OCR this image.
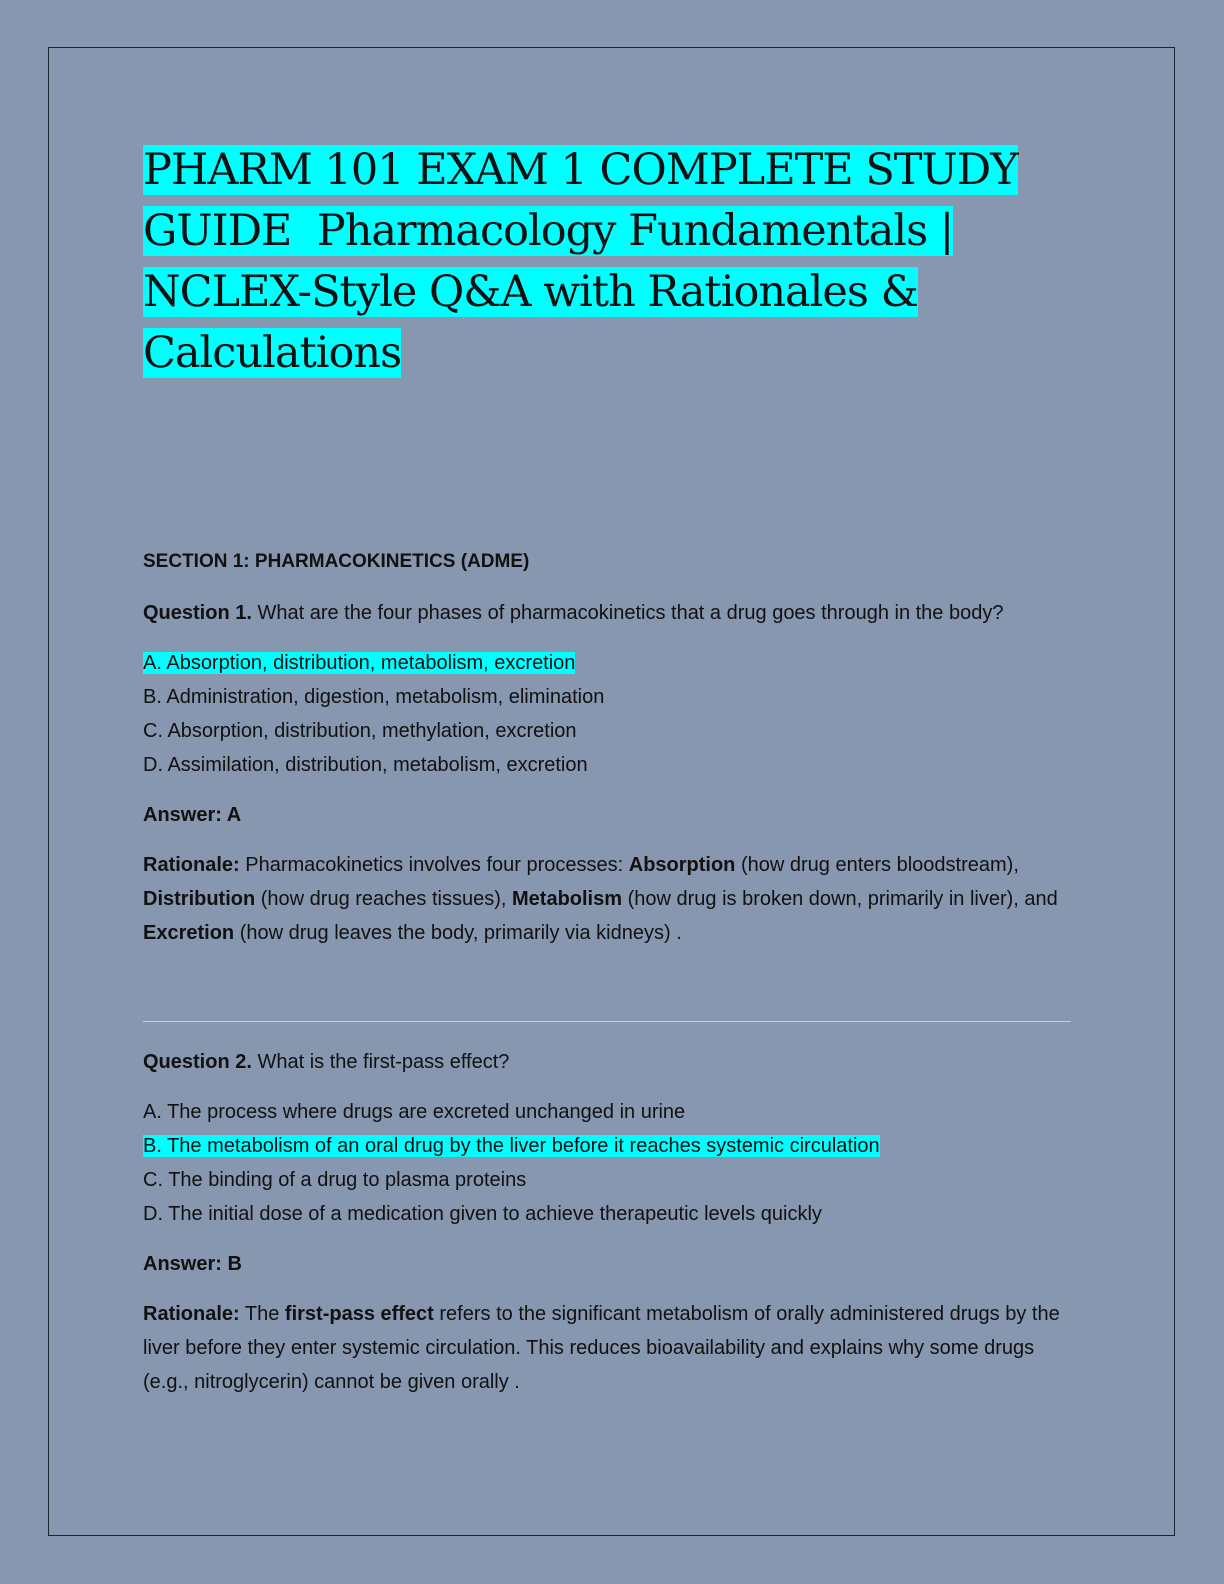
PHARM 101 EXAM 1 COMPLETE STUDY
GUIDE  Pharmacology Fundamentals |
NCLEX-Style Q&A with Rationales &
Calculations

SECTION 1: PHARMACOKINETICS (ADME)

Question 1. What are the four phases of pharmacokinetics that a drug goes through in the body?

A. Absorption, distribution, metabolism, excretion
B. Administration, digestion, metabolism, elimination
C. Absorption, distribution, methylation, excretion
D. Assimilation, distribution, metabolism, excretion

Answer: A

Rationale: Pharmacokinetics involves four processes: Absorption (how drug enters bloodstream), Distribution (how drug reaches tissues), Metabolism (how drug is broken down, primarily in liver), and Excretion (how drug leaves the body, primarily via kidneys) .

Question 2. What is the first-pass effect?

A. The process where drugs are excreted unchanged in urine
B. The metabolism of an oral drug by the liver before it reaches systemic circulation
C. The binding of a drug to plasma proteins
D. The initial dose of a medication given to achieve therapeutic levels quickly

Answer: B

Rationale: The first-pass effect refers to the significant metabolism of orally administered drugs by the liver before they enter systemic circulation. This reduces bioavailability and explains why some drugs (e.g., nitroglycerin) cannot be given orally .
